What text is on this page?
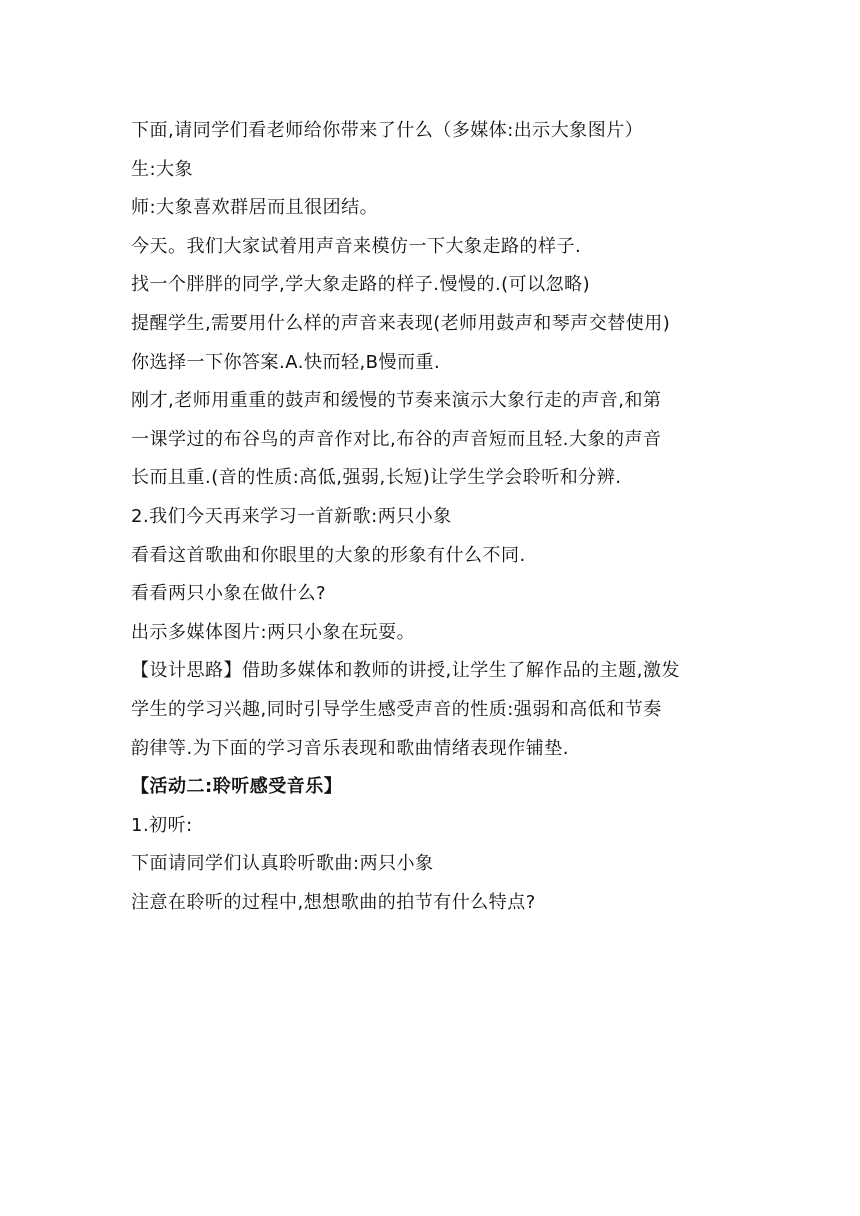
下面,请同学们看老师给你带来了什么（多媒体:出示大象图片）
生:大象
师:大象喜欢群居而且很团结。
今天。我们大家试着用声音来模仿一下大象走路的样子.
找一个胖胖的同学,学大象走路的样子.慢慢的.(可以忽略)
提醒学生,需要用什么样的声音来表现(老师用鼓声和琴声交替使用)
你选择一下你答案.A.快而轻,B慢而重.
刚才,老师用重重的鼓声和缓慢的节奏来演示大象行走的声音,和第
一课学过的布谷鸟的声音作对比,布谷的声音短而且轻.大象的声音
长而且重.(音的性质:高低,强弱,长短)让学生学会聆听和分辨.
2.我们今天再来学习一首新歌:两只小象
看看这首歌曲和你眼里的大象的形象有什么不同.
看看两只小象在做什么?
出示多媒体图片:两只小象在玩耍。
【设计思路】借助多媒体和教师的讲授,让学生了解作品的主题,激发
学生的学习兴趣,同时引导学生感受声音的性质:强弱和高低和节奏
韵律等.为下面的学习音乐表现和歌曲情绪表现作铺垫.
【活动二:聆听感受音乐】
1.初听:
下面请同学们认真聆听歌曲:两只小象
注意在聆听的过程中,想想歌曲的拍节有什么特点?
